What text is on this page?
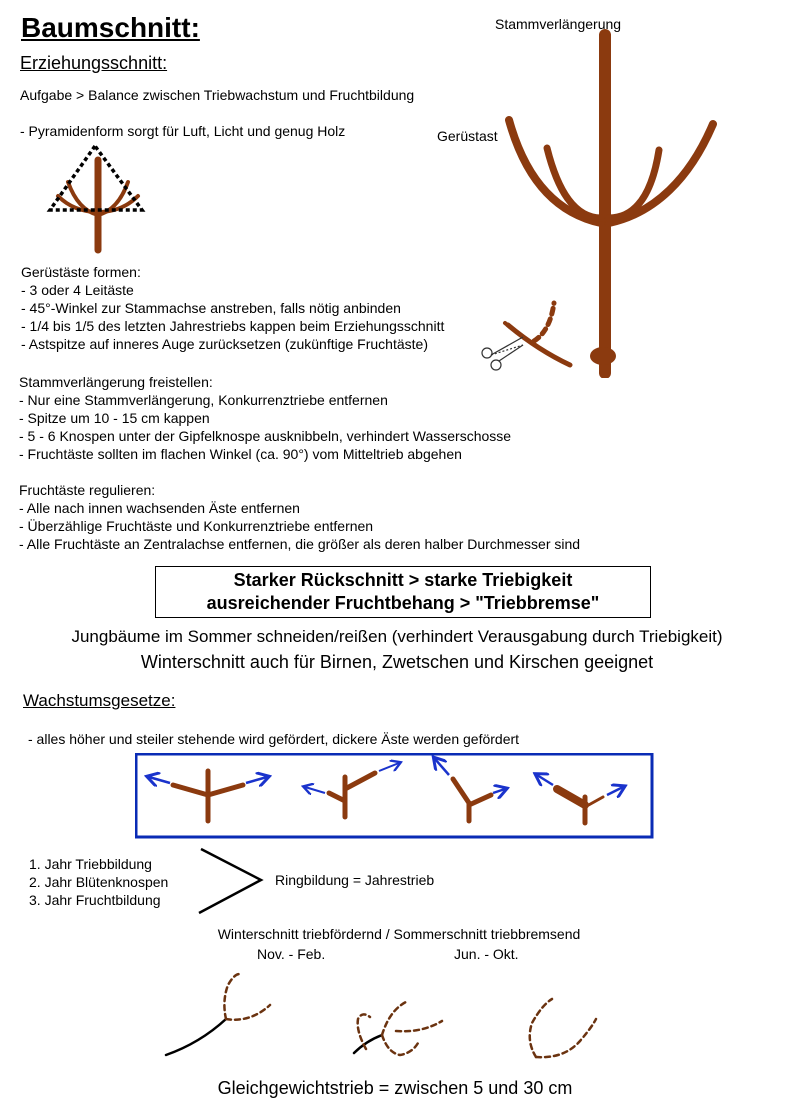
Baumschnitt:
Erziehungsschnitt:
Aufgabe > Balance zwischen Triebwachstum und Fruchtbildung
- Pyramidenform sorgt für Luft, Licht und genug Holz
Stammverlängerung
Gerüstast
Gerüstäste formen:
- 3 oder 4 Leitäste
- 45°-Winkel zur Stammachse anstreben, falls nötig anbinden
- 1/4 bis 1/5 des letzten Jahrestriebs kappen beim Erziehungsschnitt
- Astspitze auf inneres Auge zurücksetzen (zukünftige Fruchtäste)
Stammverlängerung freistellen:
- Nur eine Stammverlängerung, Konkurrenztriebe entfernen
- Spitze um 10 - 15 cm kappen
- 5 - 6 Knospen unter der Gipfelknospe ausknibbeln, verhindert Wasserschosse
- Fruchtäste sollten im flachen Winkel (ca. 90°) vom Mitteltrieb abgehen
Fruchtäste regulieren:
- Alle nach innen wachsenden Äste entfernen
- Überzählige Fruchtäste und Konkurrenztriebe entfernen
- Alle Fruchtäste an Zentralachse entfernen, die größer als deren halber Durchmesser sind
Starker Rückschnitt > starke Triebigkeit
ausreichender Fruchtbehang > "Triebbremse"
Jungbäume im Sommer schneiden/reißen (verhindert Verausgabung durch Triebigkeit)
Winterschnitt auch für Birnen, Zwetschen und Kirschen geeignet
Wachstumsgesetze:
- alles höher und steiler stehende wird gefördert, dickere Äste werden gefördert
1. Jahr Triebbildung
2. Jahr Blütenknospen
3. Jahr Fruchtbildung
Ringbildung = Jahrestrieb
Winterschnitt triebfördernd / Sommerschnitt triebbremsend
Nov. - Feb.	Jun. - Okt.
Gleichgewichtstrieb = zwischen 5 und 30 cm
